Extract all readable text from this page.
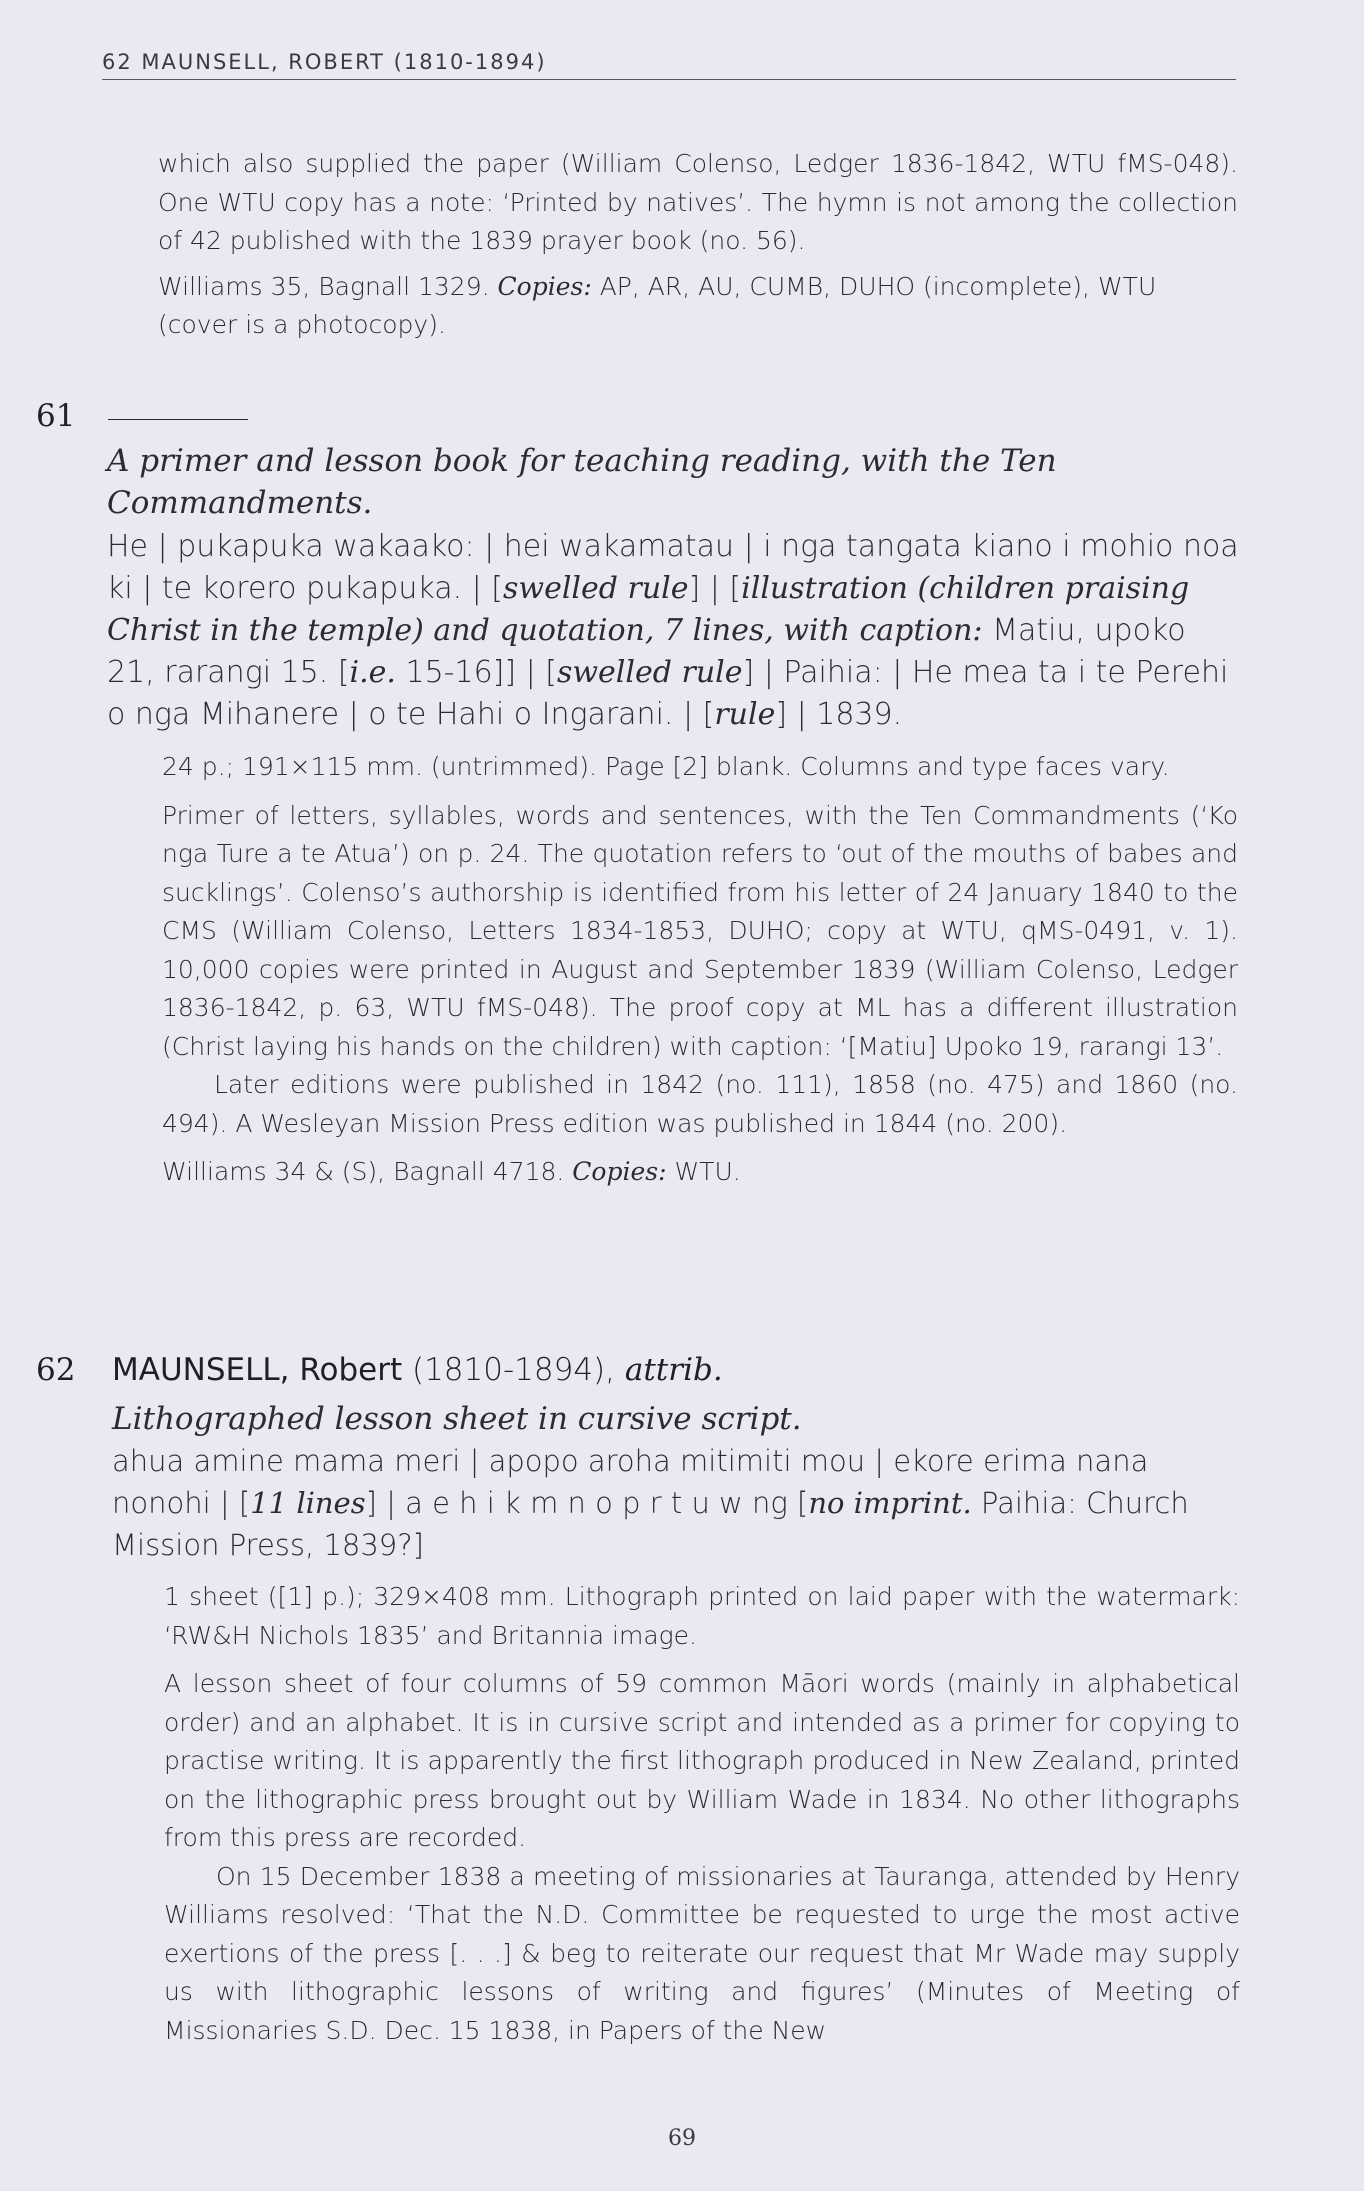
62 MAUNSELL, ROBERT (1810-1894)

which also supplied the paper (William Colenso, Ledger 1836-1842, WTU fMS-048). One WTU copy has a note: ‘Printed by natives’. The hymn is not among the collection of 42 published with the 1839 prayer book (no. 56).

Williams 35, Bagnall 1329. Copies: AP, AR, AU, CUMB, DUHO (incomplete), WTU (cover is a photocopy).

61

A primer and lesson book for teaching reading, with the Ten Commandments.

He | pukapuka wakaako: | hei wakamatau | i nga tangata kiano i mohio noa ki | te korero pukapuka. | [swelled rule] | [illustration (children praising Christ in the temple) and quotation, 7 lines, with caption: Matiu, upoko 21, rarangi 15. [i.e. 15-16]] | [swelled rule] | Paihia: | He mea ta i te Perehi o nga Mihanere | o te Hahi o Ingarani. | [rule] | 1839.

24 p.; 191×115 mm. (untrimmed). Page [2] blank. Columns and type faces vary.

Primer of letters, syllables, words and sentences, with the Ten Commandments (‘Ko nga Ture a te Atua’) on p. 24. The quotation refers to ‘out of the mouths of babes and sucklings’. Colenso’s authorship is identified from his letter of 24 January 1840 to the CMS (William Colenso, Letters 1834-1853, DUHO; copy at WTU, qMS-0491, v. 1). 10,000 copies were printed in August and September 1839 (William Colenso, Ledger 1836-1842, p. 63, WTU fMS-048). The proof copy at ML has a different illustration (Christ laying his hands on the children) with caption: ‘[Matiu] Upoko 19, rarangi 13’.

Later editions were published in 1842 (no. 111), 1858 (no. 475) and 1860 (no. 494). A Wesleyan Mission Press edition was published in 1844 (no. 200).

Williams 34 & (S), Bagnall 4718. Copies: WTU.

62 MAUNSELL, Robert (1810-1894), attrib.

Lithographed lesson sheet in cursive script.

ahua amine mama meri | apopo aroha mitimiti mou | ekore erima nana nonohi | [11 lines] | a e h i k m n o p r t u w ng [no imprint. Paihia: Church Mission Press, 1839?]

1 sheet ([1] p.); 329×408 mm. Lithograph printed on laid paper with the watermark: ‘RW&H Nichols 1835’ and Britannia image.

A lesson sheet of four columns of 59 common Māori words (mainly in alphabetical order) and an alphabet. It is in cursive script and intended as a primer for copying to practise writing. It is apparently the first lithograph produced in New Zealand, printed on the lithographic press brought out by William Wade in 1834. No other lithographs from this press are recorded.

On 15 December 1838 a meeting of missionaries at Tauranga, attended by Henry Williams resolved: ‘That the N.D. Committee be requested to urge the most active exertions of the press [. . .] & beg to reiterate our request that Mr Wade may supply us with lithographic lessons of writing and figures’ (Minutes of Meeting of Missionaries S.D. Dec. 15 1838, in Papers of the New

69
